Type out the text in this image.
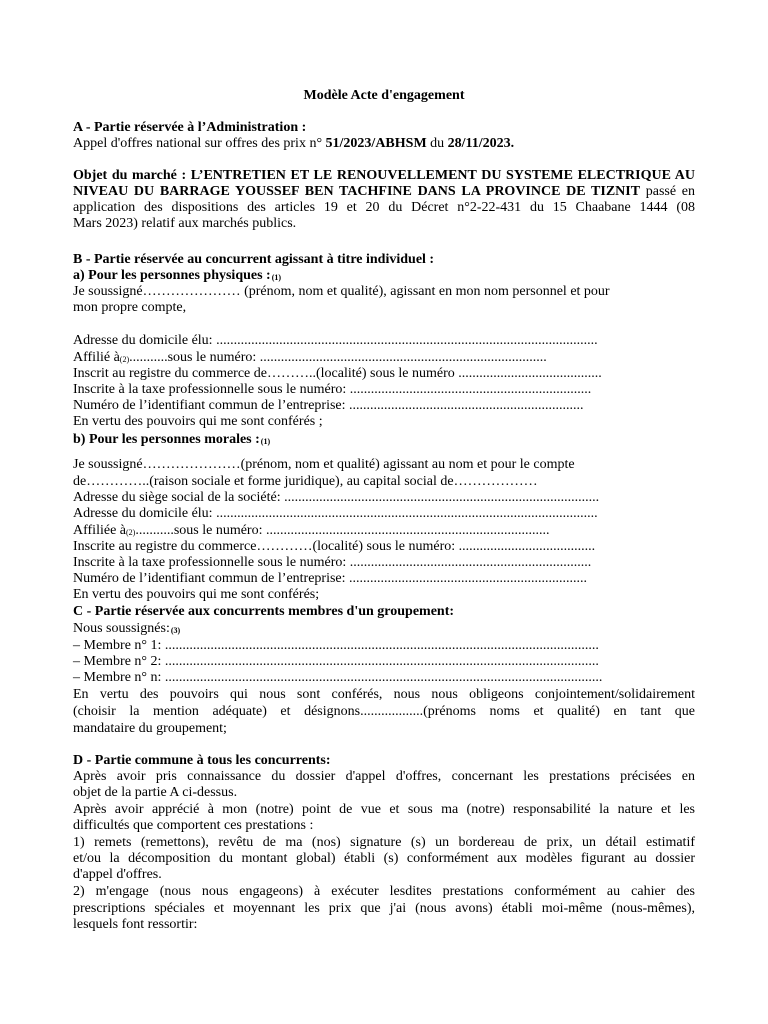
Modèle Acte d'engagement
A - Partie réservée à l’Administration :
Appel d'offres national sur offres des prix n° 51/2023/ABHSM du 28/11/2023.
Objet du marché : L’ENTRETIEN ET LE RENOUVELLEMENT DU SYSTEME ELECTRIQUE AU
NIVEAU DU BARRAGE YOUSSEF BEN TACHFINE DANS LA PROVINCE DE TIZNIT passé en
application des dispositions des articles 19 et 20 du Décret n°2-22-431 du 15 Chaabane 1444 (08
Mars 2023) relatif aux marchés publics.
B - Partie réservée au concurrent agissant à titre individuel :
a) Pour les personnes physiques :$^{(1)}$
Je soussigné………………… (prénom, nom et qualité), agissant en mon nom personnel et pour
mon propre compte,
Adresse du domicile élu: .............................................................................................................
Affilié $à^{(2)}...........sous$ le numéro: ..................................................................................
Inscrit au registre du commerce de………..(localité) sous le numéro .........................................
Inscrite à la taxe professionnelle sous le numéro: .....................................................................
Numéro de l’identifiant commun de l’entreprise: ...................................................................
En vertu des pouvoirs qui me sont conférés ;
b) Pour les personnes morales :$^{(1)}$
Je soussigné…………………(prénom, nom et qualité) agissant au nom et pour le compte
de…………..(raison sociale et forme juridique), au capital social de………………
Adresse du siège social de la société: ..........................................................................................
Adresse du domicile élu: .............................................................................................................
Affiliée $à^{(2)}...........sous$ le numéro: .................................................................................
Inscrite au registre du commerce…………(localité) sous le numéro: .......................................
Inscrite à la taxe professionnelle sous le numéro: .....................................................................
Numéro de l’identifiant commun de l’entreprise: ....................................................................
En vertu des pouvoirs qui me sont conférés;
C - Partie réservée aux concurrents membres d'un groupement:
Nous soussignés:$^{(3)}$
– Membre n° 1: ............................................................................................................................
– Membre n° 2: ............................................................................................................................
– Membre n° n: .............................................................................................................................
En vertu des pouvoirs qui nous sont conférés, nous nous obligeons conjointement/solidairement
(choisir la mention adéquate) et désignons..................(prénoms noms et qualité) en tant que
mandataire du groupement;
D - Partie commune à tous les concurrents:
Après avoir pris connaissance du dossier d'appel d'offres, concernant les prestations précisées en
objet de la partie A ci-dessus.
Après avoir apprécié à mon (notre) point de vue et sous ma (notre) responsabilité la nature et les
difficultés que comportent ces prestations :
1) remets (remettons), revêtu de ma (nos) signature (s) un bordereau de prix, un détail estimatif
et/ou la décomposition du montant global) établi (s) conformément aux modèles figurant au dossier
d'appel d'offres.
2) m'engage (nous nous engageons) à exécuter lesdites prestations conformément au cahier des
prescriptions spéciales et moyennant les prix que j'ai (nous avons) établi moi-même (nous-mêmes),
lesquels font ressortir:
